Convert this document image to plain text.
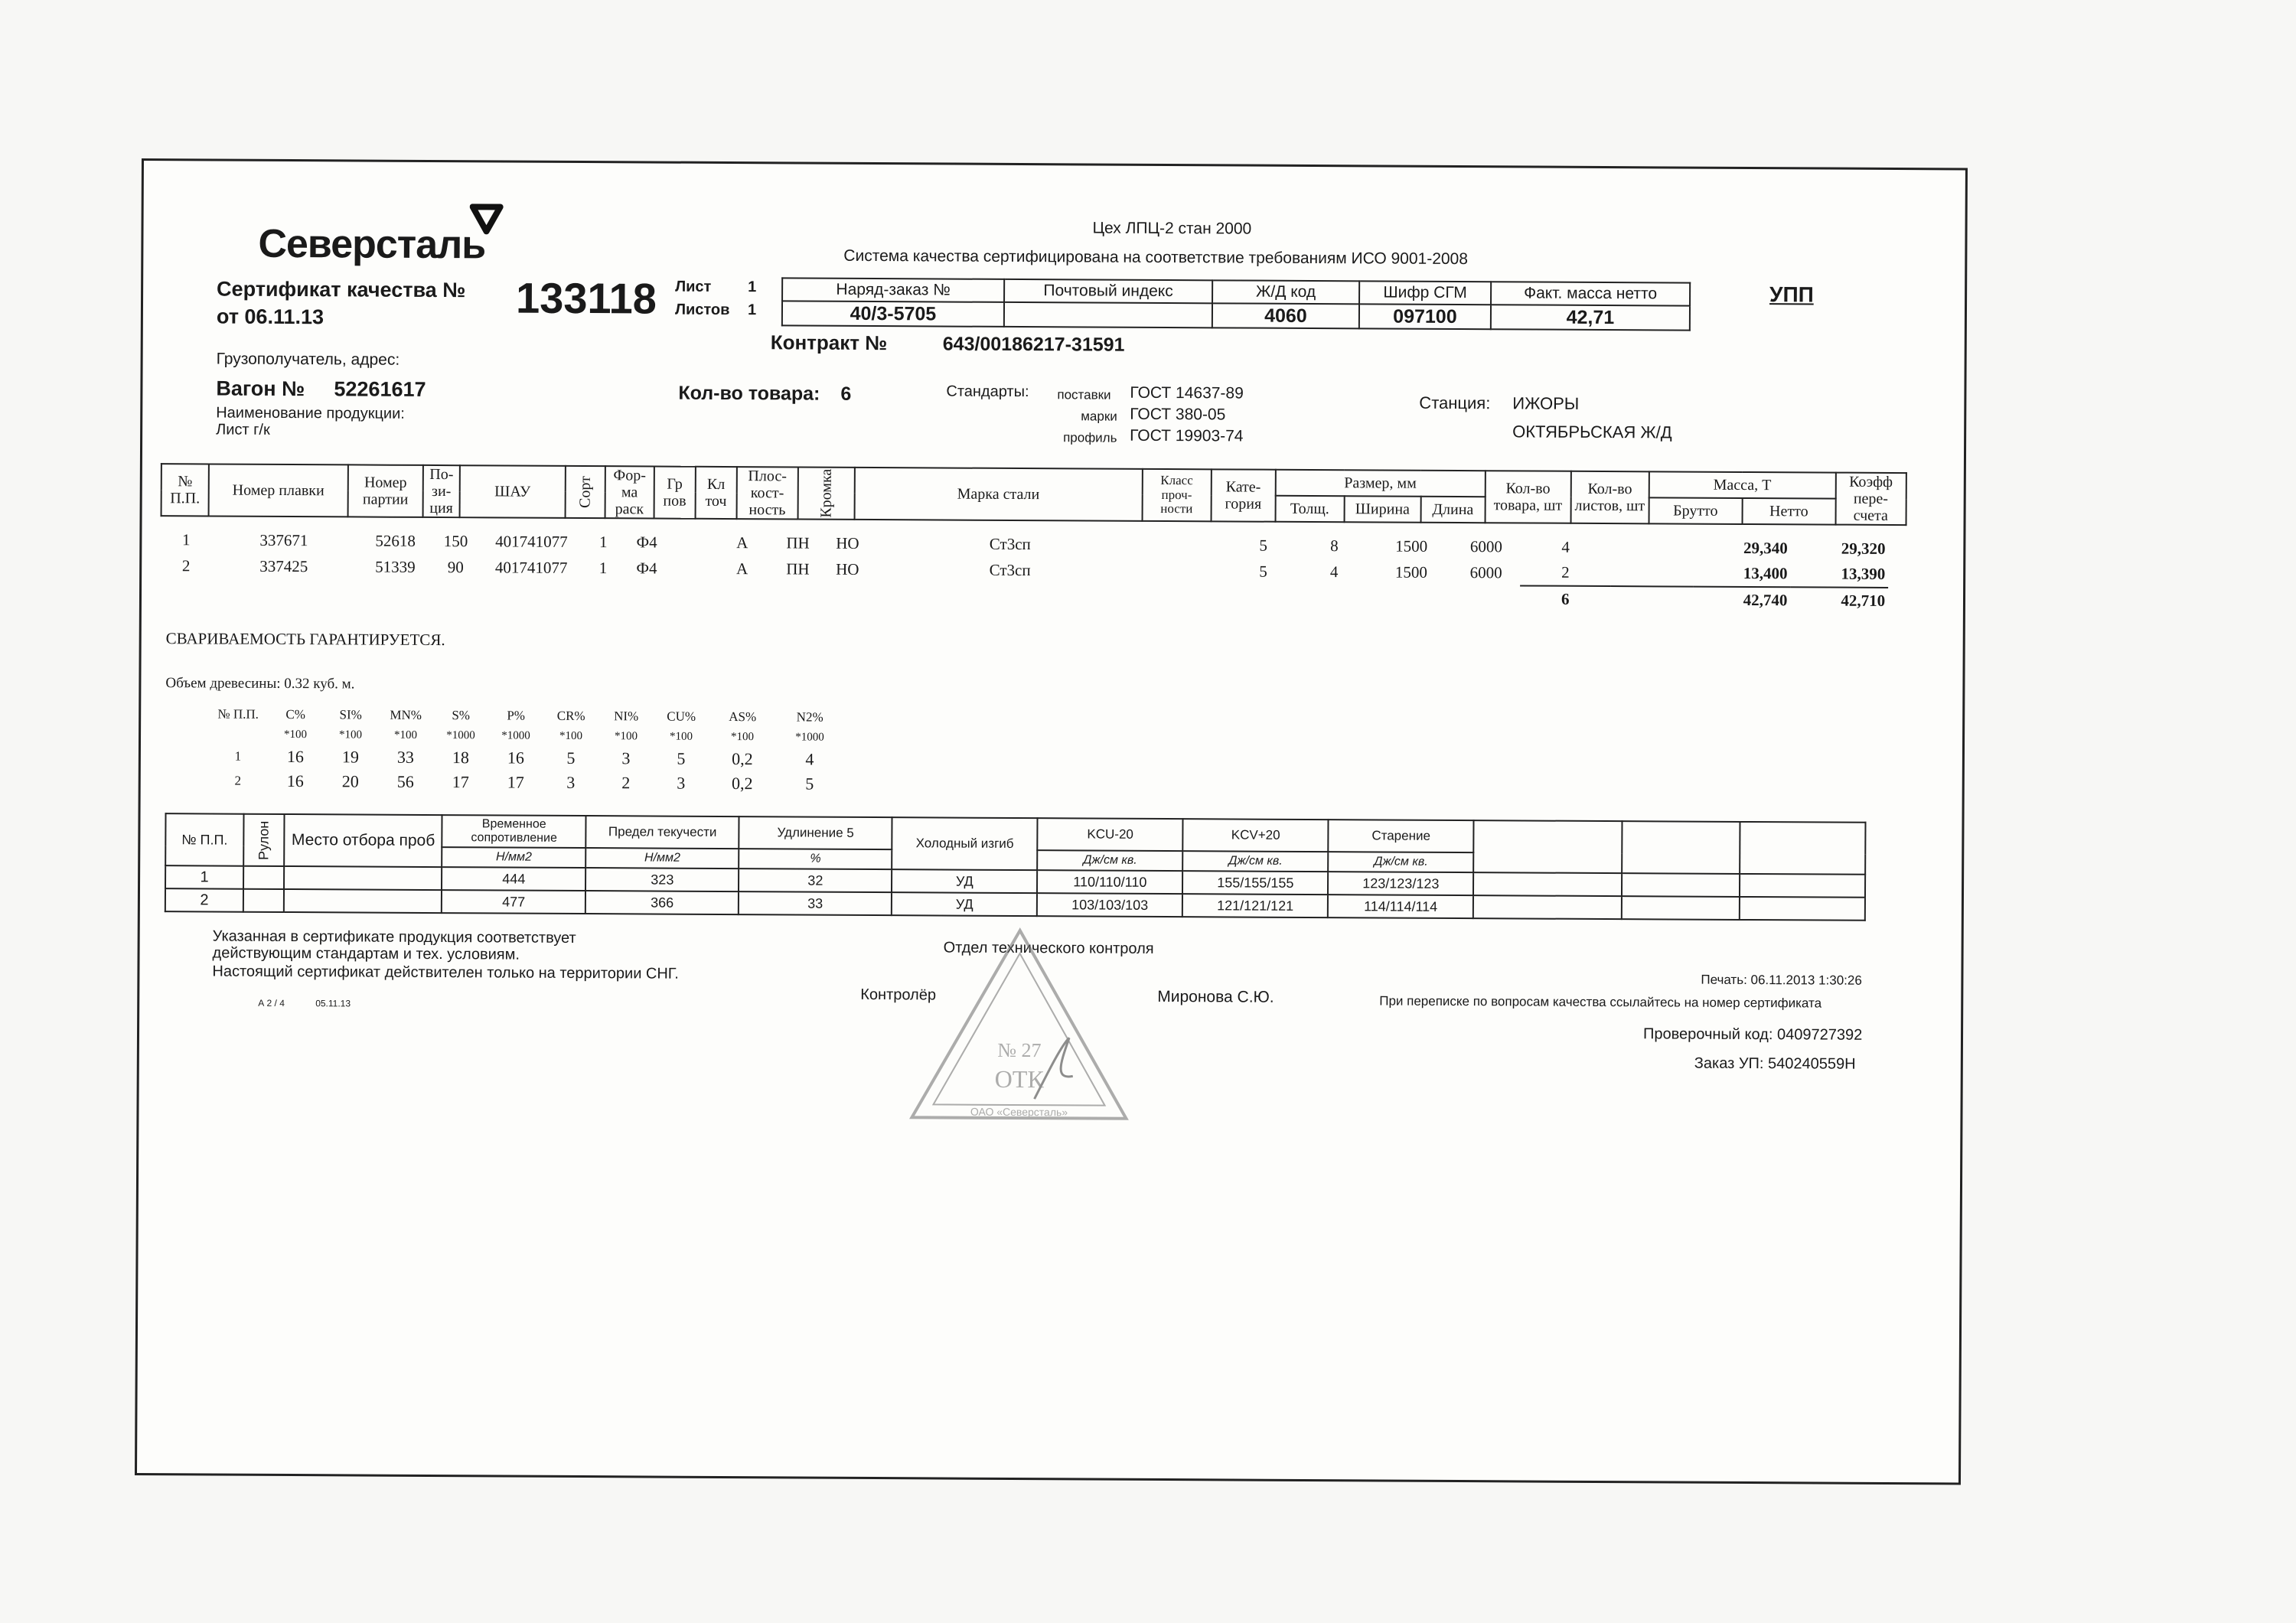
Северсталь
Сертификат качества №
от 06.11.13	133118 Лист 1
Листов 1
Цех ЛПЦ-2 стан 2000
Система качества сертифицирована на соответствие требованиям ИСО 9001-2008
УПП
Наряд-заказ №	Почтовый индекс	Ж/Д код	Шифр СГМ	Факт. масса нетто
40/3-5705		4060	097100	42,71
Контракт №	643/00186217-31591
Грузополучатель, адрес:
Вагон № 52261617	Кол-во товара: 6
Наименование продукции:
Лист г/к
Стандарты: поставки ГОСТ 14637-89
марки ГОСТ 380-05
профиль ГОСТ 19903-74
Станция: ИЖОРЫ
ОКТЯБРЬСКАЯ Ж/Д
№ П.П.	Номер плавки	Номер партии	По- зи- ция	ШАУ	Сорт	Фор- ма раск	Гр пов	Кл точ	Плос- кост- ность	Кромка	Марка стали	Класс проч- ности	Кате- гория	Размер, мм			Кол-во товара, шт	Кол-во листов, шт	Масса, Т		Коэфф пере- счета
														Толщ.	Ширина	Длина			Брутто	Нетто	
1	337671	52618	150	401741077	1	Ф4		А	ПН	НО	Ст3сп		5	8	1500	6000	4		29,340	29,320	
2	337425	51339	90	401741077	1	Ф4		А	ПН	НО	Ст3сп		5	4	1500	6000	2		13,400	13,390	
																	6		42,740	42,710	
СВАРИВАЕМОСТЬ ГАРАНТИРУЕТСЯ.
Объем древесины: 0.32 куб. м.
№ П.П.	C%	SI%	MN%	S%	P%	CR%	NI%	CU%	AS%	N2%
	*100	*100	*100	*1000	*1000	*100	*100	*100	*100	*1000
1	16	19	33	18	16	5	3	5	0,2	4
2	16	20	56	17	17	3	2	3	0,2	5
№ П.П.	Рулон	Место отбора проб	Временное сопротивление	Предел текучести	Удлинение 5	Холодный изгиб	KCU-20	KCV+20	Старение			
			Н/мм2	Н/мм2	%		Дж/см кв.	Дж/см кв.	Дж/см кв.			
1			444	323	32	УД	110/110/110	155/155/155	123/123/123			
2			477	366	33	УД	103/103/103	121/121/121	114/114/114			
Указанная в сертификате продукция соответствует
действующим стандартам и тех. условиям.
Настоящий сертификат действителен только на территории СНГ.
А 2 / 4	05.11.13
Отдел технического контроля
Контролёр	Миронова С.Ю.
Печать: 06.11.2013 1:30:26
При переписке по вопросам качества ссылайтесь на номер сертификата
Проверочный код: 0409727392
Заказ УП: 540240559Н
№ 27
ОТК
ОАО «Северсталь»
